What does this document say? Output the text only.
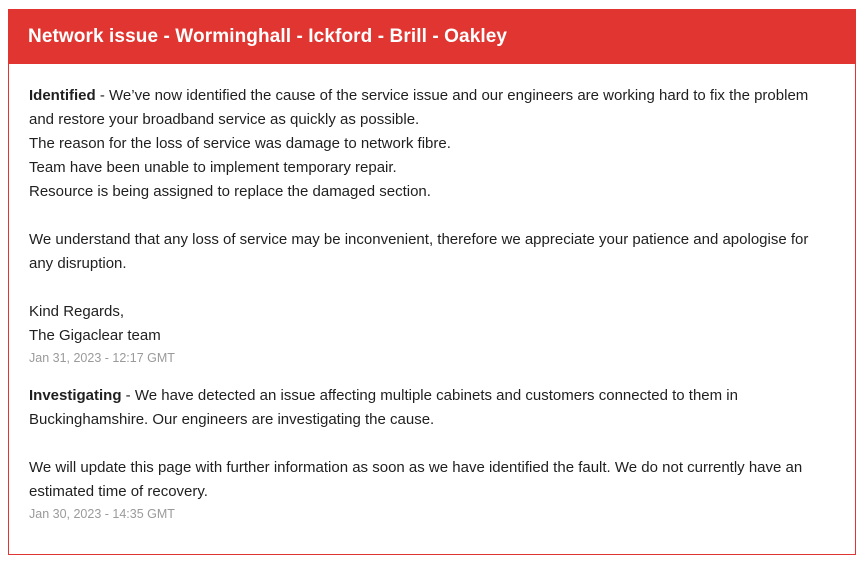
Network issue - Worminghall - Ickford - Brill - Oakley

Identified - We’ve now identified the cause of the service issue and our engineers are working hard to fix the problem and restore your broadband service as quickly as possible.

The reason for the loss of service was damage to network fibre.

Team have been unable to implement temporary repair.

Resource is being assigned to replace the damaged section.

We understand that any loss of service may be inconvenient, therefore we appreciate your patience and apologise for any disruption.

Kind Regards,

The Gigaclear team

Jan 31, 2023 - 12:17 GMT

Investigating - We have detected an issue affecting multiple cabinets and customers connected to them in Buckinghamshire. Our engineers are investigating the cause.

We will update this page with further information as soon as we have identified the fault. We do not currently have an estimated time of recovery.

Jan 30, 2023 - 14:35 GMT
